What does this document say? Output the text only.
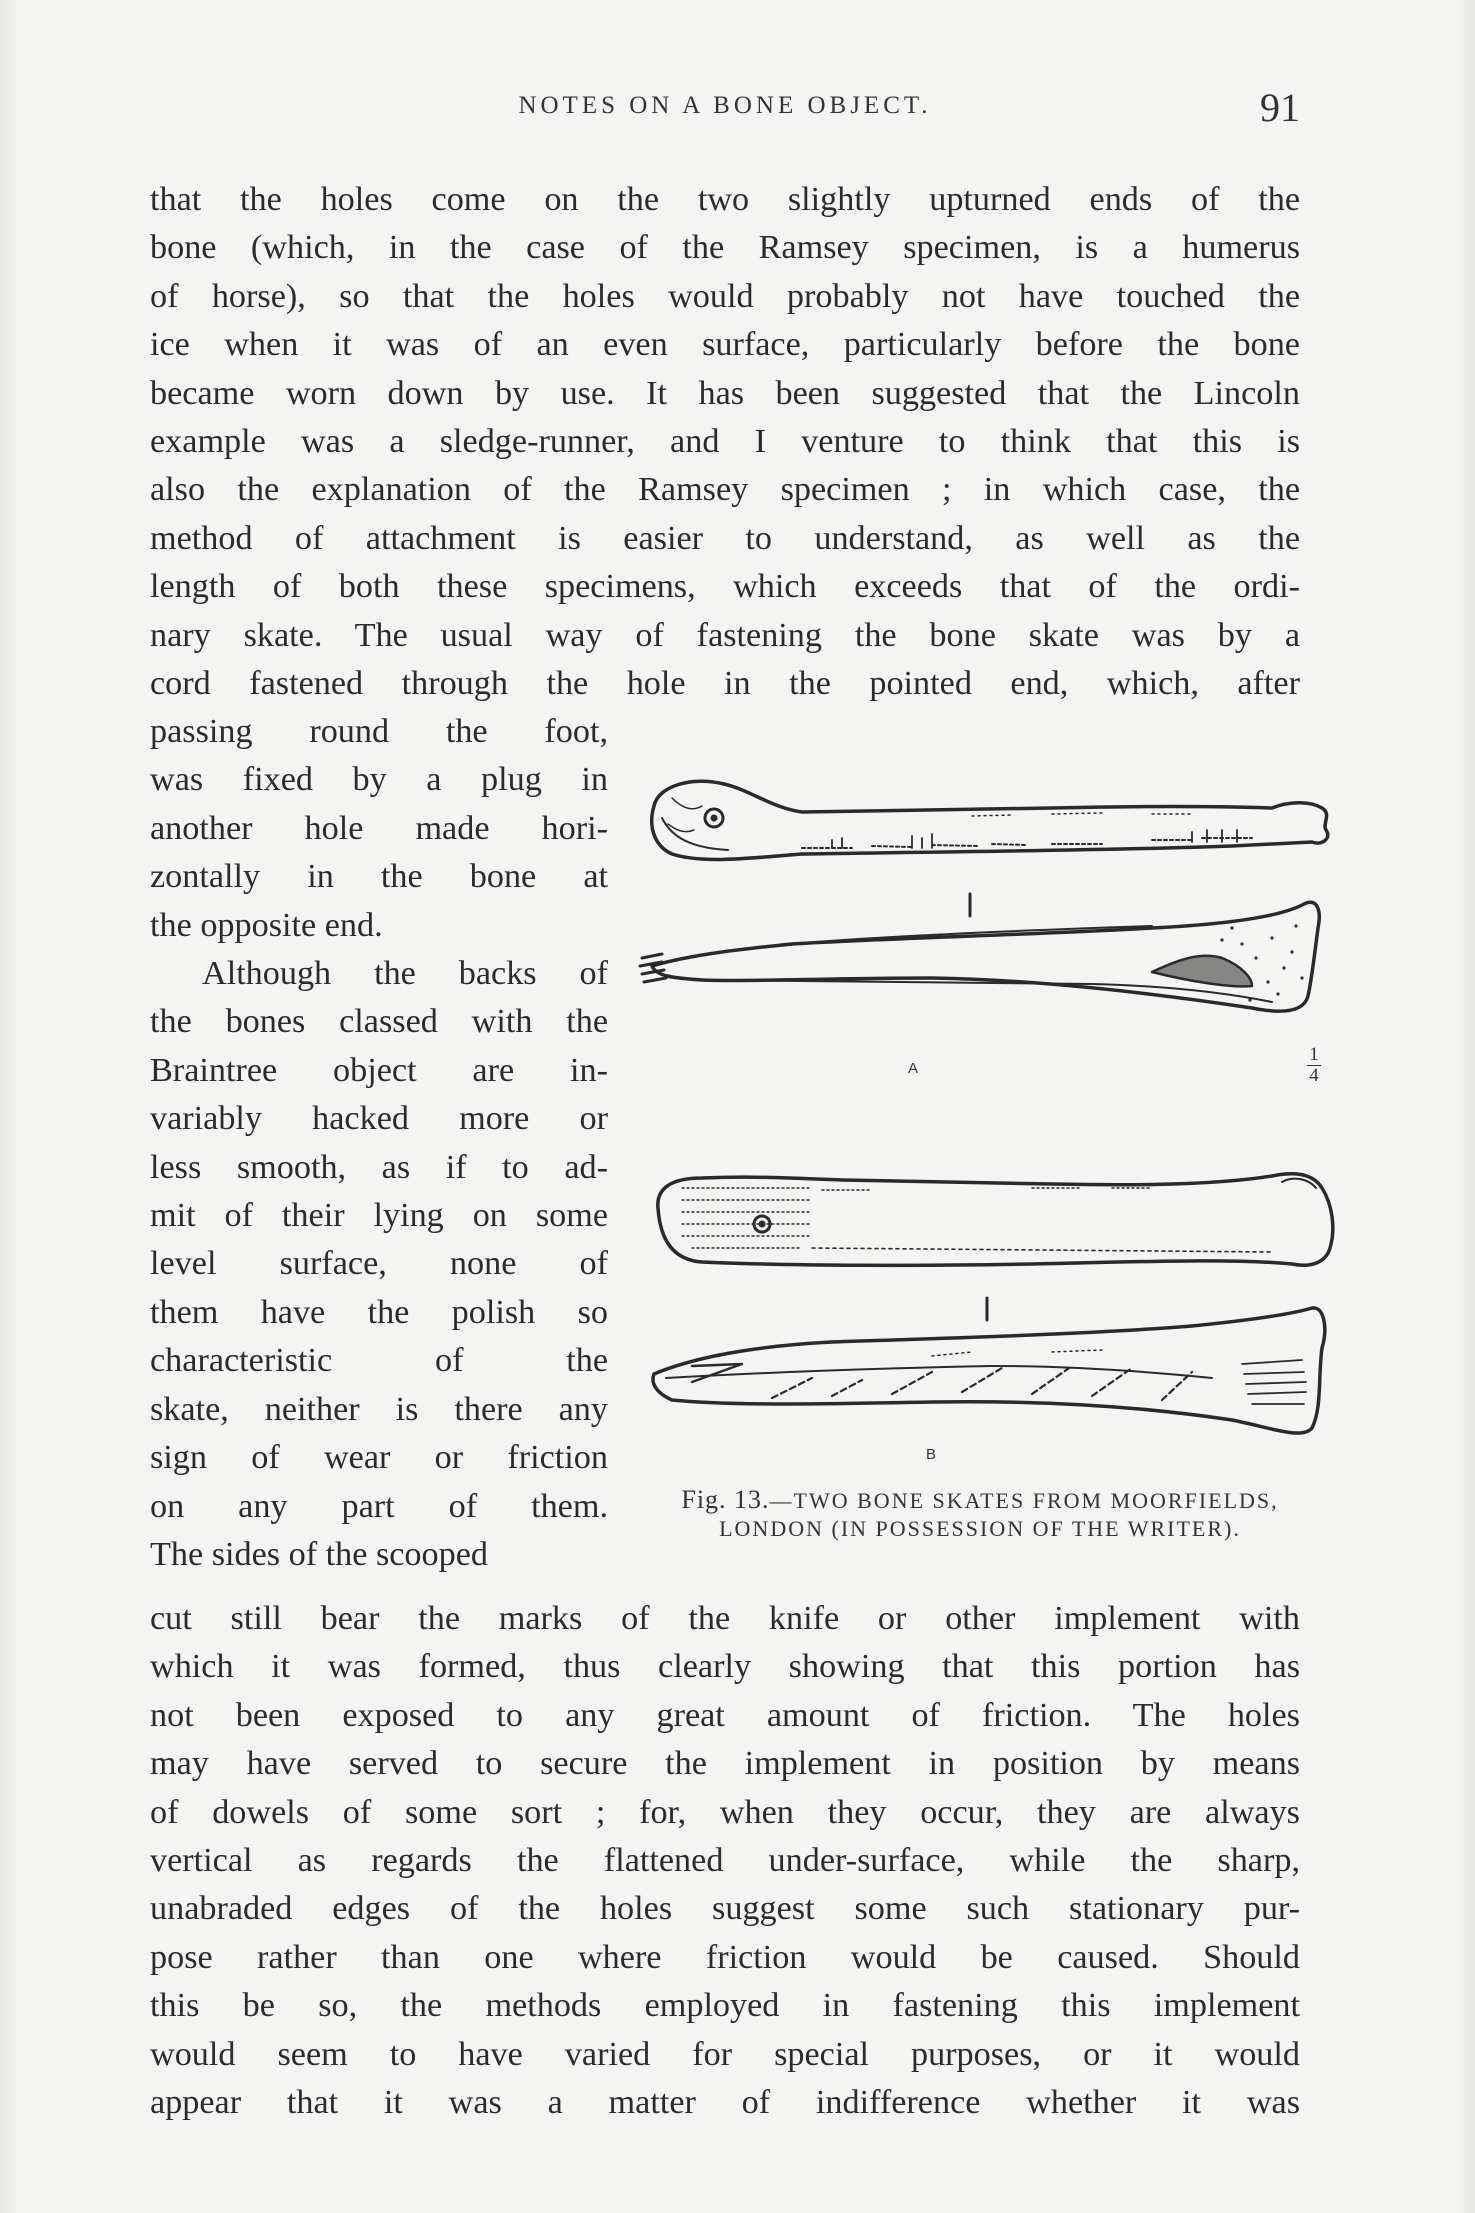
NOTES ON A BONE OBJECT.	91
that the holes come on the two slightly upturned ends of the
bone (which, in the case of the Ramsey specimen, is a humerus
of horse), so that the holes would probably not have touched the
ice when it was of an even surface, particularly before the bone
became worn down by use. It has been suggested that the Lincoln
example was a sledge-runner, and I venture to think that this is
also the explanation of the Ramsey specimen ; in which case, the
method of attachment is easier to understand, as well as the
length of both these specimens, which exceeds that of the ordi-
nary skate. The usual way of fastening the bone skate was by a
cord fastened through the hole in the pointed end, which, after
passing round the foot,
was fixed by a plug in
another hole made hori-
zontally in the bone at
the opposite end.
Although the backs of
the bones classed with the
Braintree object are in-
variably hacked more or
less smooth, as if to ad-
mit of their lying on some
level surface, none of
them have the polish so
characteristic of the
skate, neither is there any
sign of wear or friction
on any part of them.
The sides of the scooped
A
B
1
4

Fig. 13.—TWO BONE SKATES FROM MOORFIELDS,

LONDON (IN POSSESSION OF THE WRITER).

cut still bear the marks of the knife or other implement with
which it was formed, thus clearly showing that this portion has
not been exposed to any great amount of friction. The holes
may have served to secure the implement in position by means
of dowels of some sort ; for, when they occur, they are always
vertical as regards the flattened under-surface, while the sharp,
unabraded edges of the holes suggest some such stationary pur-
pose rather than one where friction would be caused. Should
this be so, the methods employed in fastening this implement
would seem to have varied for special purposes, or it would
appear that it was a matter of indifference whether it was
